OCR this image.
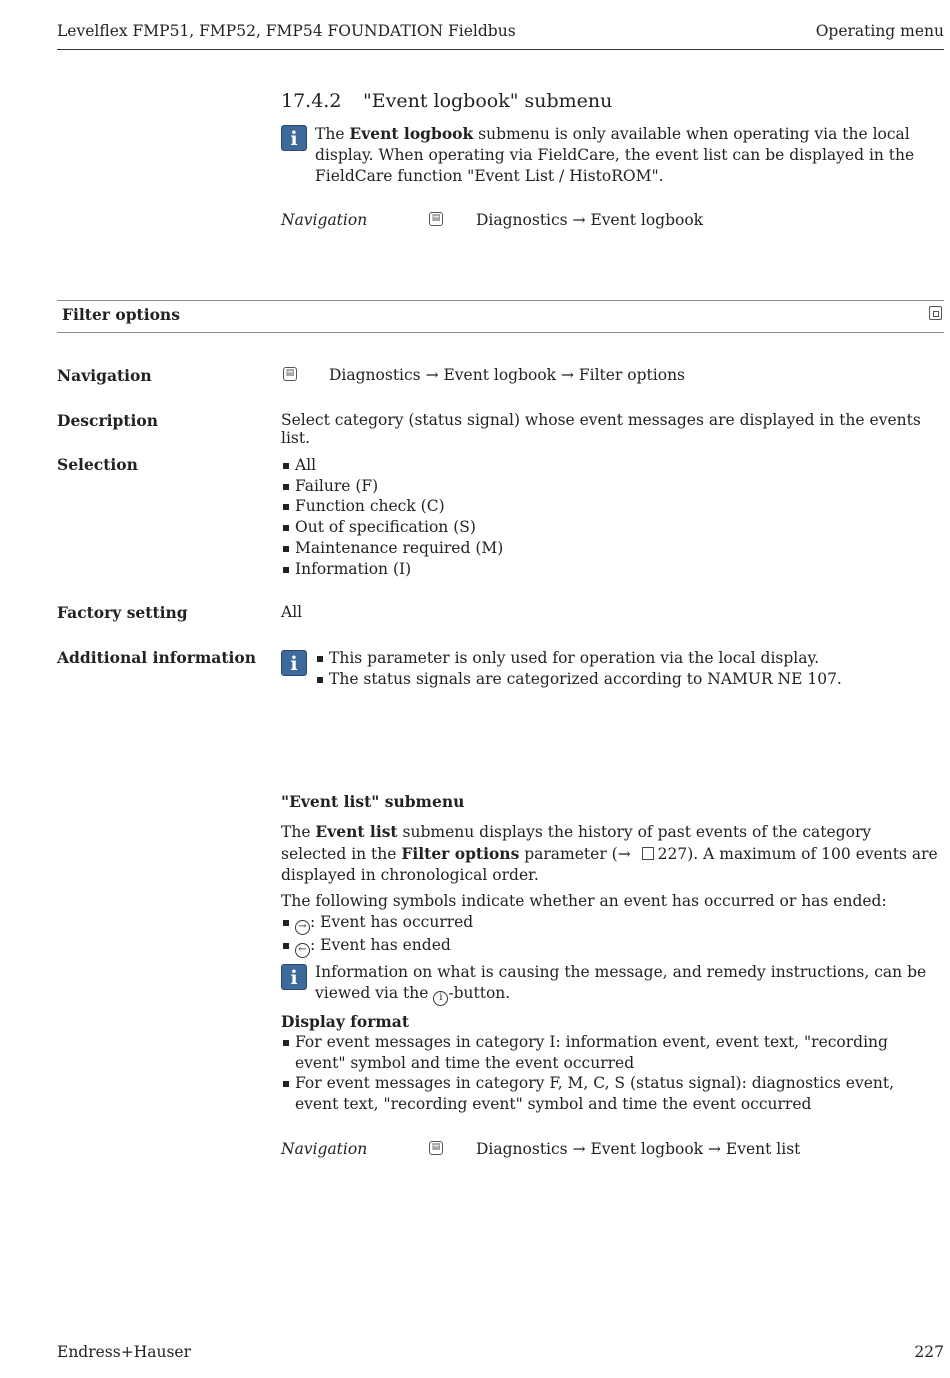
Levelflex FMP51, FMP52, FMP54 FOUNDATION Fieldbus	Operating menu
17.4.2 "Event logbook" submenu
i	The Event logbook submenu is only available when operating via the local display. When operating via FieldCare, the event list can be displayed in the FieldCare function "Event List / HistoROM".
Navigation	▤ Diagnostics → Event logbook
Filter options
Navigation	▤ Diagnostics → Event logbook → Filter options
Description	Select category (status signal) whose event messages are displayed in the events list.
Selection	All
Failure (F)
Function check (C)
Out of specification (S)
Maintenance required (M)
Information (I)
Factory setting	All
Additional information	i	This parameter is only used for operation via the local display.
The status signals are categorized according to NAMUR NE 107.
"Event list" submenu
The Event list submenu displays the history of past events of the category selected in the Filter options parameter (→ 227). A maximum of 100 events are displayed in chronological order.
The following symbols indicate whether an event has occurred or has ended:
→ : Event has occurred
← : Event has ended
i	Information on what is causing the message, and remedy instructions, can be viewed via the i -button.
Display format
For event messages in category I: information event, event text, "recording event" symbol and time the event occurred
For event messages in category F, M, C, S (status signal): diagnostics event, event text, "recording event" symbol and time the event occurred
Navigation	▤ Diagnostics → Event logbook → Event list
Endress+Hauser	227
